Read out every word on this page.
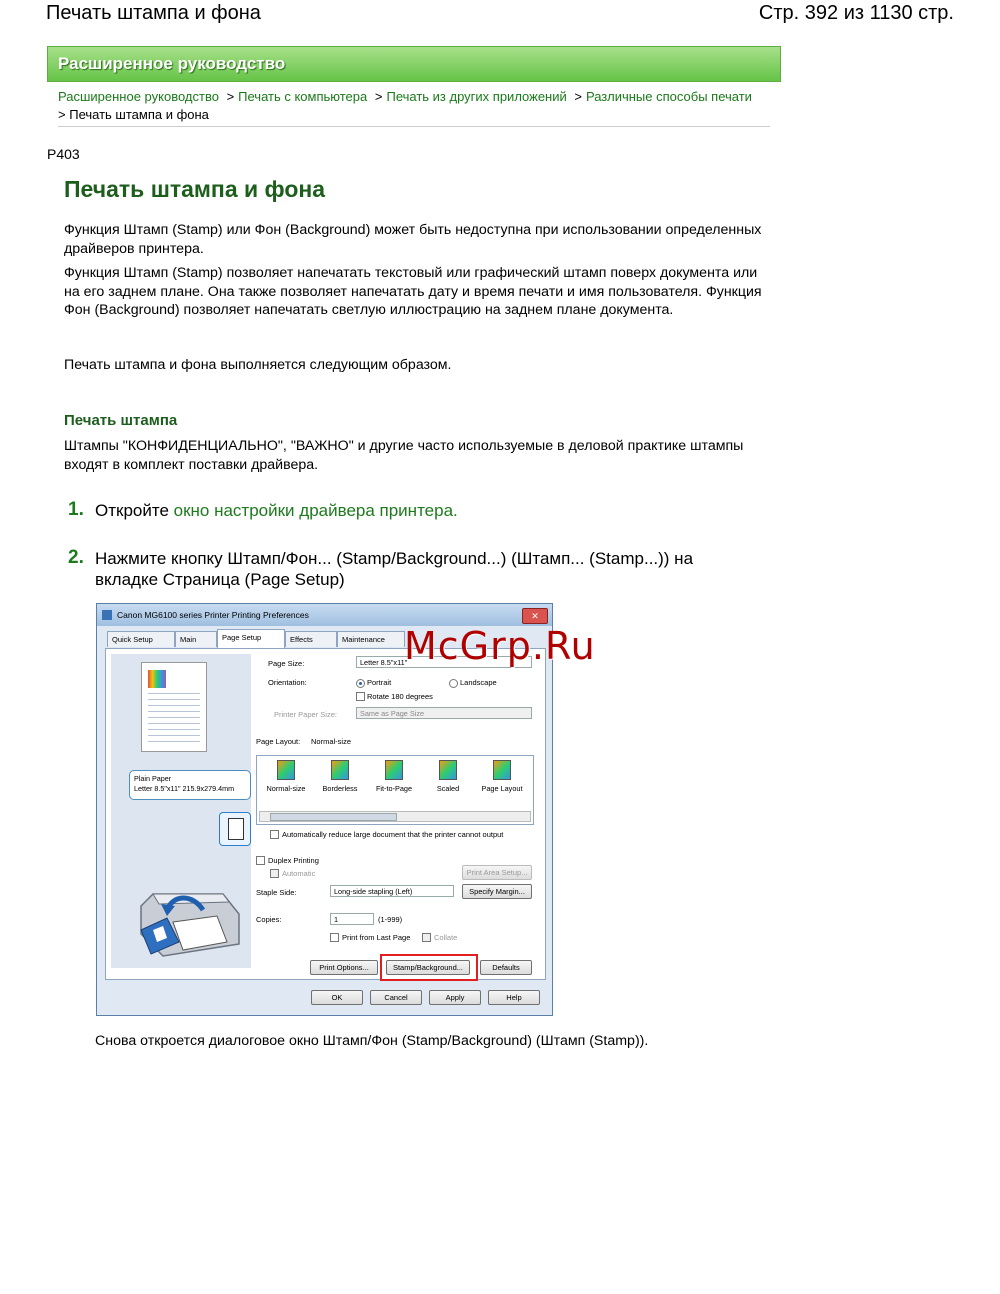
Печать штампа и фона	Стр. 392 из 1130 стр.
Расширенное руководство
Расширенное руководство > Печать с компьютера > Печать из других приложений > Различные способы печати
> Печать штампа и фона
P403
Печать штампа и фона
Функция Штамп (Stamp) или Фон (Background) может быть недоступна при использовании определенных драйверов принтера.
Функция Штамп (Stamp) позволяет напечатать текстовый или графический штамп поверх документа или на его заднем плане. Она также позволяет напечатать дату и время печати и имя пользователя. Функция Фон (Background) позволяет напечатать светлую иллюстрацию на заднем плане документа.
Печать штампа и фона выполняется следующим образом.
Печать штампа
Штампы "КОНФИДЕНЦИАЛЬНО", "ВАЖНО" и другие часто используемые в деловой практике штампы входят в комплект поставки драйвера.
1. Откройте окно настройки драйвера принтера.
2. Нажмите кнопку Штамп/Фон... (Stamp/Background...) (Штамп... (Stamp...)) на вкладке Страница (Page Setup)
Canon MG6100 series Printer Printing Preferences	✕
Quick Setup	Main	Page Setup	Effects	Maintenance
Plain Paper
Letter 8.5"x11" 215.9x279.4mm
Page Size:	Letter 8.5"x11"
Orientation:	Portrait	Landscape
Rotate 180 degrees
Printer Paper Size:	Same as Page Size
Page Layout: Normal-size
Normal-size	Borderless	Fit-to-Page	Scaled	Page Layout
Automatically reduce large document that the printer cannot output
Duplex Printing
Automatic	Print Area Setup...
Staple Side:	Long-side stapling (Left)	Specify Margin...
Copies:	1	(1-999)
Print from Last Page	Collate
Print Options...	Stamp/Background...	Defaults
OK	Cancel	Apply	Help
McGrp.Ru
Снова откроется диалоговое окно Штамп/Фон (Stamp/Background) (Штамп (Stamp)).
